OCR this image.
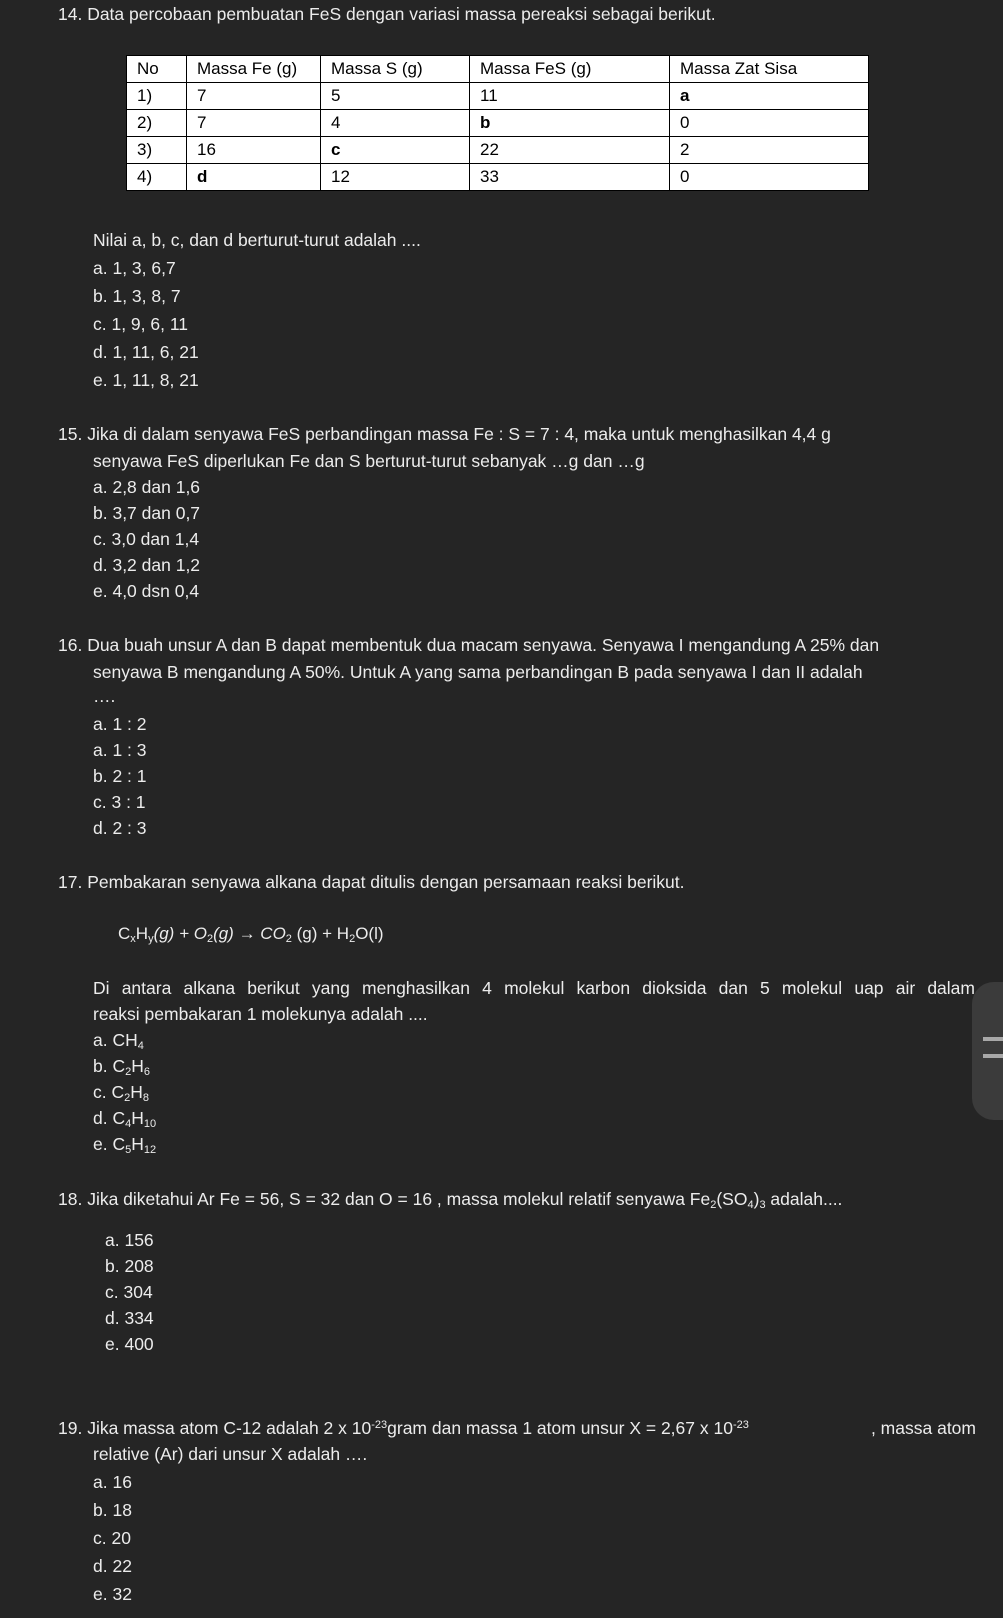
14. Data percobaan pembuatan FeS dengan variasi massa pereaksi sebagai berikut.
No	Massa Fe (g)	Massa S (g)	Massa FeS (g)	Massa Zat Sisa
1)	7	5	11	a
2)	7	4	b	0
3)	16	c	22	2
4)	d	12	33	0
Nilai a, b, c, dan d berturut-turut adalah ....
a. 1, 3, 6,7
b. 1, 3, 8, 7
c. 1, 9, 6, 11
d. 1, 11, 6, 21
e. 1, 11, 8, 21
15. Jika di dalam senyawa FeS perbandingan massa Fe : S = 7 : 4, maka untuk menghasilkan 4,4 g
senyawa FeS diperlukan Fe dan S berturut-turut sebanyak …g dan …g
a. 2,8 dan 1,6
b. 3,7 dan 0,7
c. 3,0 dan 1,4
d. 3,2 dan 1,2
e. 4,0 dsn 0,4
16. Dua buah unsur A dan B dapat membentuk dua macam senyawa. Senyawa I mengandung A 25% dan
senyawa B mengandung A 50%. Untuk A yang sama perbandingan B pada senyawa I dan II adalah
….
a. 1 : 2
a. 1 : 3
b. 2 : 1
c. 3 : 1
d. 2 : 3
17. Pembakaran senyawa alkana dapat ditulis dengan persamaan reaksi berikut.
$C_xH_y(g) + O_2(g) \to CO_2$ $(g) + H_2O(l)$
Di antara alkana berikut yang menghasilkan 4 molekul karbon dioksida dan 5 molekul uap air dalam
reaksi pembakaran 1 molekunya adalah ....
a. $CH_4$
b. $C_2H_6$
c. $C_2H_8$
d. $C_4H_{10}$
e. $C_5H_{12}$
18. Jika diketahui Ar Fe = 56, S = 32 dan O = 16 , massa molekul relatif senyawa $Fe_2(SO_4)_3$ adalah....
a. 156
b. 208
c. 304
d. 334
e. 400
19. Jika massa atom C-12 adalah 2 x $10^{-23}gram$ dan massa 1 atom unsur X = 2,67 x $10^{-23}$	, massa atom
relative (Ar) dari unsur X adalah ….
a. 16
b. 18
c. 20
d. 22
e. 32
